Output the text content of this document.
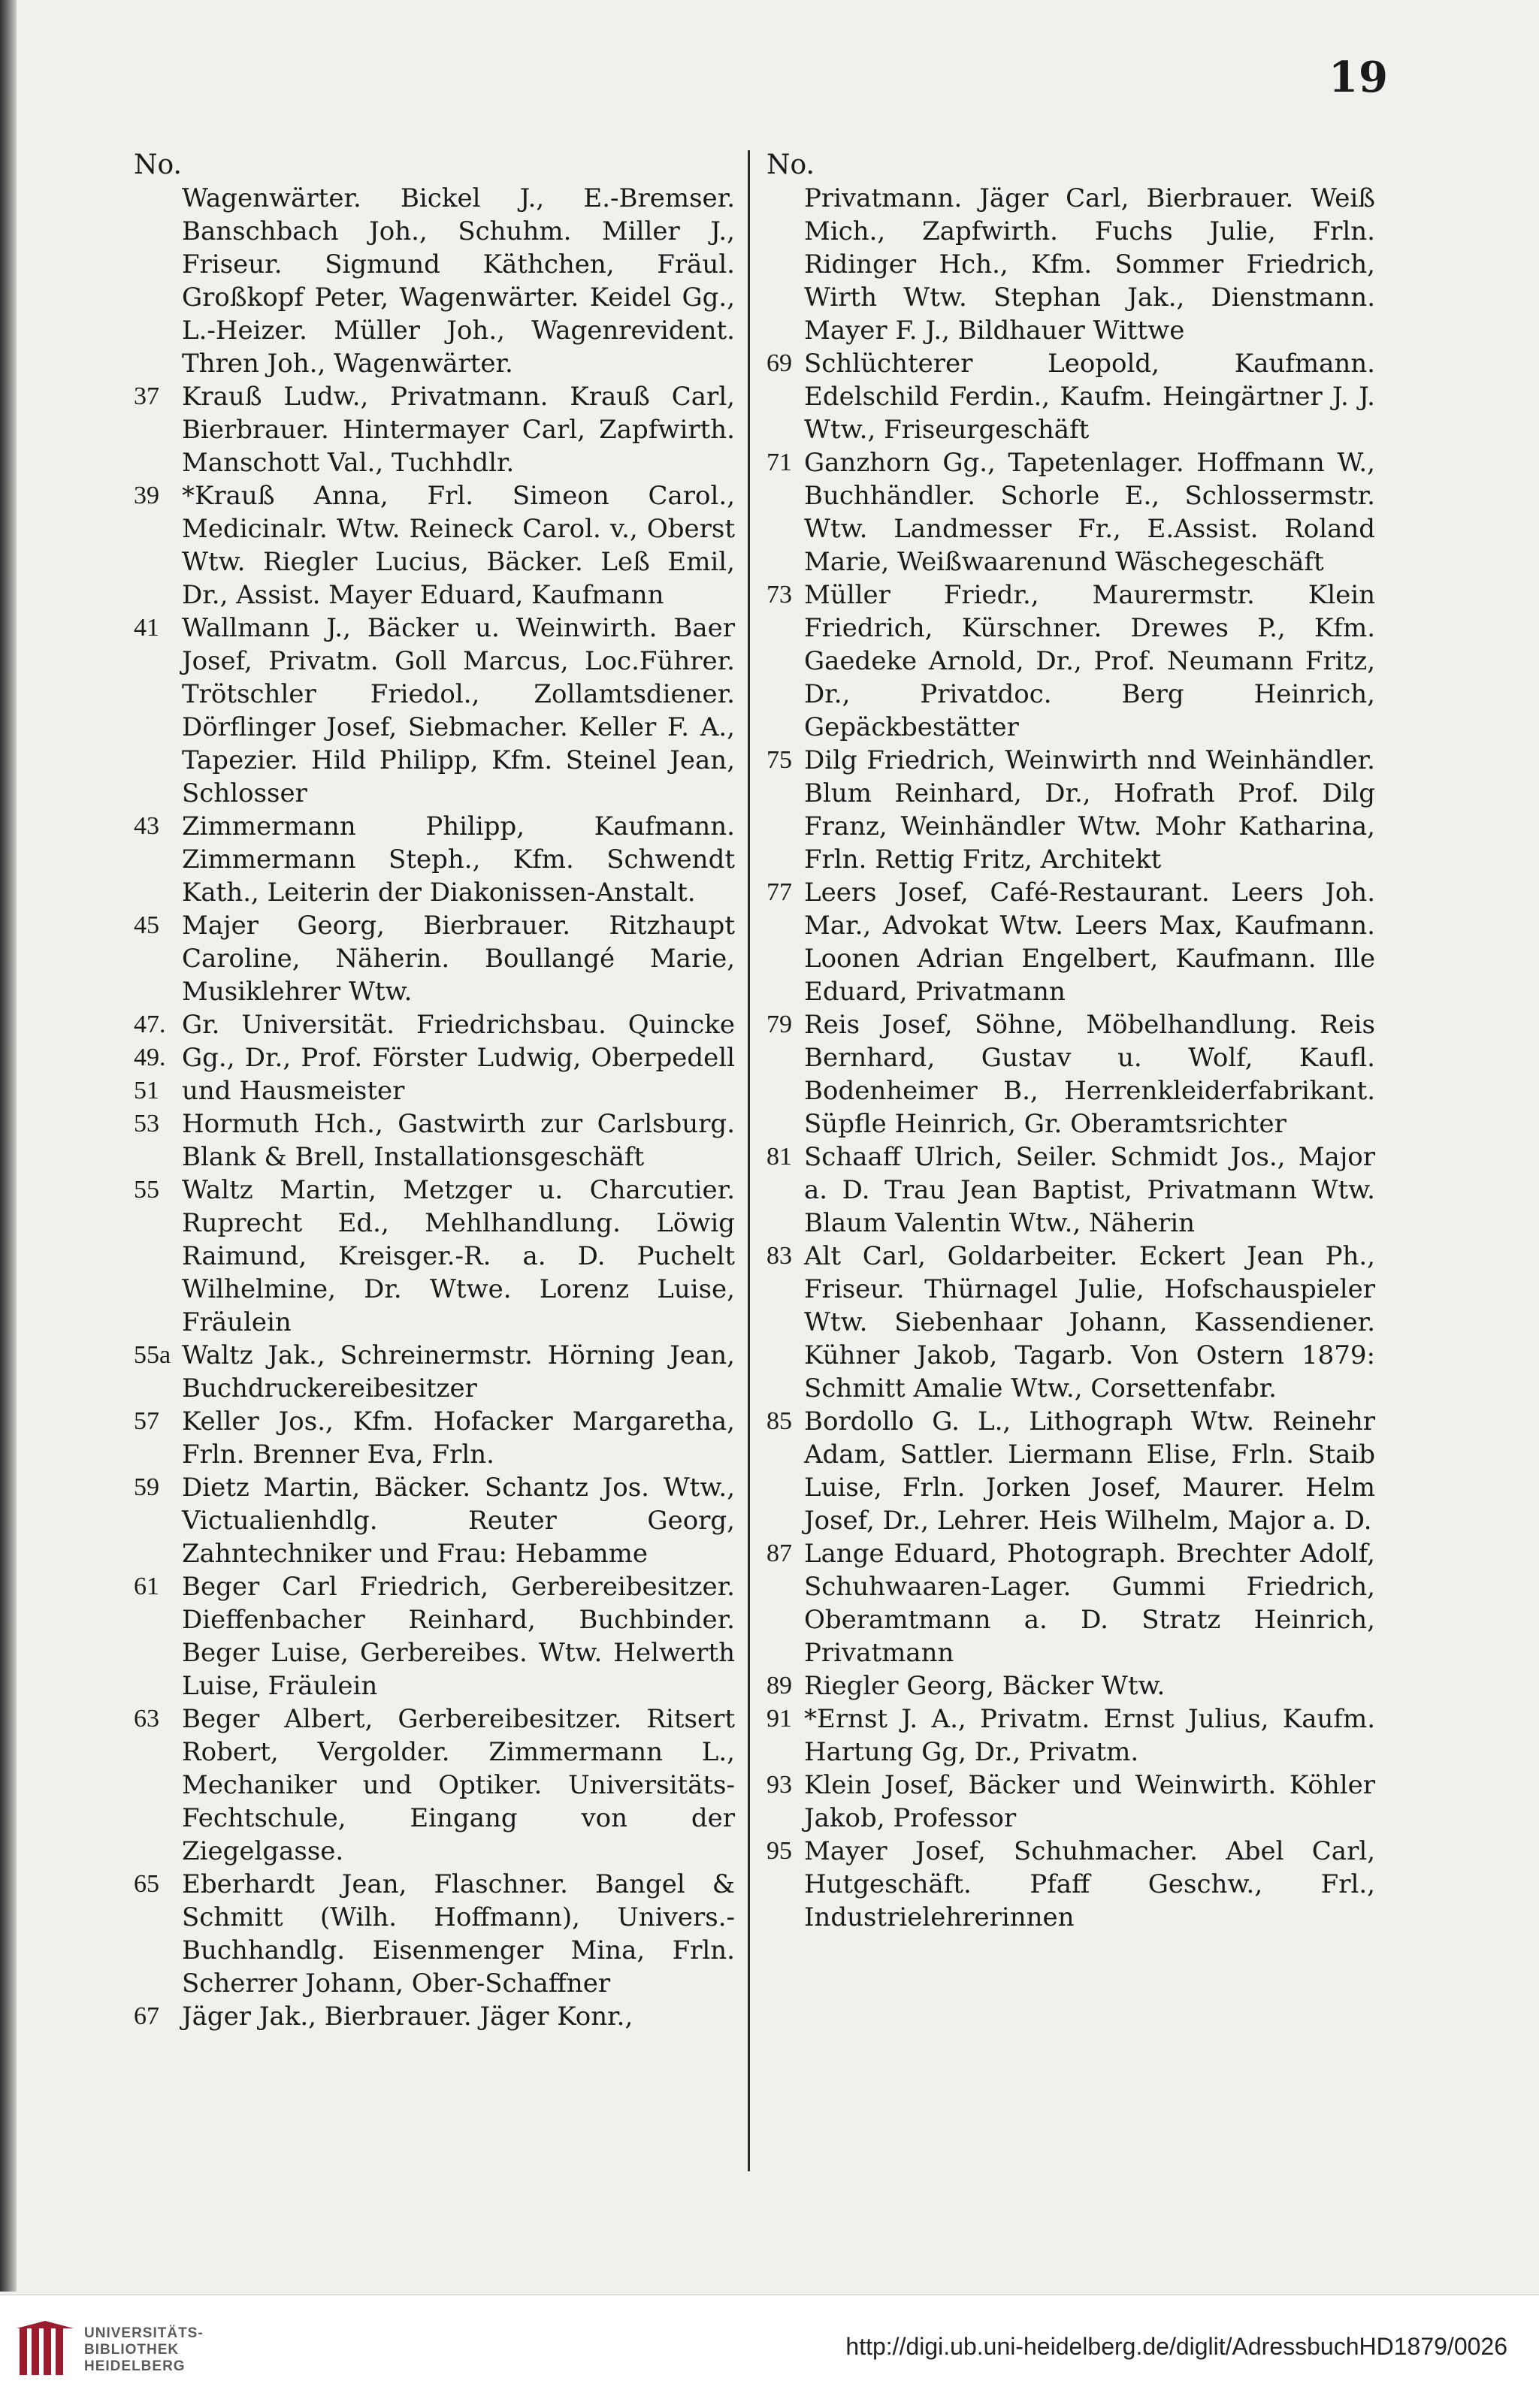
19
No.
Wagenwärter. Bickel J., E.-Bremser. Banschbach Joh., Schuhm. Miller J., Friseur. Sigmund Käthchen, Fräul. Großkopf Peter, Wagenwärter. Keidel Gg., L.-Heizer. Müller Joh., Wagenrevident. Thren Joh., Wagenwärter.
37 Krauß Ludw., Privatmann. Krauß Carl, Bierbrauer. Hintermayer Carl, Zapfwirth. Manschott Val., Tuchhdlr.
39 *Krauß Anna, Frl. Simeon Carol., Medicinalr. Wtw. Reineck Carol. v., Oberst Wtw. Riegler Lucius, Bäcker. Leß Emil, Dr., Assist. Mayer Eduard, Kaufmann
41 Wallmann J., Bäcker u. Weinwirth. Baer Josef, Privatm. Goll Marcus, Loc.Führer. Trötschler Friedol., Zollamtsdiener. Dörflinger Josef, Siebmacher. Keller F. A., Tapezier. Hild Philipp, Kfm. Steinel Jean, Schlosser
43 Zimmermann Philipp, Kaufmann. Zimmermann Steph., Kfm. Schwendt Kath., Leiterin der Diakonissen-Anstalt.
45 Majer Georg, Bierbrauer. Ritzhaupt Caroline, Näherin. Boullangé Marie, Musiklehrer Wtw.
47. 49. 51
Gr. Universität. Friedrichsbau. Quincke Gg., Dr., Prof. Förster Ludwig, Oberpedell und Hausmeister
53 Hormuth Hch., Gastwirth zur Carlsburg. Blank & Brell, Installationsgeschäft
55 Waltz Martin, Metzger u. Charcutier. Ruprecht Ed., Mehlhandlung. Löwig Raimund, Kreisger.-R. a. D. Puchelt Wilhelmine, Dr. Wtwe. Lorenz Luise, Fräulein
55a Waltz Jak., Schreinermstr. Hörning Jean, Buchdruckereibesitzer
57 Keller Jos., Kfm. Hofacker Margaretha, Frln. Brenner Eva, Frln.
59 Dietz Martin, Bäcker. Schantz Jos. Wtw., Victualienhdlg. Reuter Georg, Zahntechniker und Frau: Hebamme
61 Beger Carl Friedrich, Gerbereibesitzer. Dieffenbacher Reinhard, Buchbinder. Beger Luise, Gerbereibes. Wtw. Helwerth Luise, Fräulein
63 Beger Albert, Gerbereibesitzer. Ritsert Robert, Vergolder. Zimmermann L., Mechaniker und Optiker. Universitäts-Fechtschule, Eingang von der Ziegelgasse.
65 Eberhardt Jean, Flaschner. Bangel & Schmitt (Wilh. Hoffmann), Univers.-Buchhandlg. Eisenmenger Mina, Frln. Scherrer Johann, Ober-Schaffner
67 Jäger Jak., Bierbrauer. Jäger Konr.,
No.
Privatmann. Jäger Carl, Bierbrauer. Weiß Mich., Zapfwirth. Fuchs Julie, Frln. Ridinger Hch., Kfm. Sommer Friedrich, Wirth Wtw. Stephan Jak., Dienstmann. Mayer F. J., Bildhauer Wittwe
69 Schlüchterer Leopold, Kaufmann. Edelschild Ferdin., Kaufm. Heingärtner J. J. Wtw., Friseurgeschäft
71 Ganzhorn Gg., Tapetenlager. Hoffmann W., Buchhändler. Schorle E., Schlossermstr. Wtw. Landmesser Fr., E.Assist. Roland Marie, Weißwaarenund Wäschegeschäft
73 Müller Friedr., Maurermstr. Klein Friedrich, Kürschner. Drewes P., Kfm. Gaedeke Arnold, Dr., Prof. Neumann Fritz, Dr., Privatdoc. Berg Heinrich, Gepäckbestätter
75 Dilg Friedrich, Weinwirth nnd Weinhändler. Blum Reinhard, Dr., Hofrath Prof. Dilg Franz, Weinhändler Wtw. Mohr Katharina, Frln. Rettig Fritz, Architekt
77 Leers Josef, Café-Restaurant. Leers Joh. Mar., Advokat Wtw. Leers Max, Kaufmann. Loonen Adrian Engelbert, Kaufmann. Ille Eduard, Privatmann
79 Reis Josef, Söhne, Möbelhandlung. Reis Bernhard, Gustav u. Wolf, Kaufl. Bodenheimer B., Herrenkleiderfabrikant. Süpfle Heinrich, Gr. Oberamtsrichter
81 Schaaff Ulrich, Seiler. Schmidt Jos., Major a. D. Trau Jean Baptist, Privatmann Wtw. Blaum Valentin Wtw., Näherin
83 Alt Carl, Goldarbeiter. Eckert Jean Ph., Friseur. Thürnagel Julie, Hofschauspieler Wtw. Siebenhaar Johann, Kassendiener. Kühner Jakob, Tagarb. Von Ostern 1879: Schmitt Amalie Wtw., Corsettenfabr.
85 Bordollo G. L., Lithograph Wtw. Reinehr Adam, Sattler. Liermann Elise, Frln. Staib Luise, Frln. Jorken Josef, Maurer. Helm Josef, Dr., Lehrer. Heis Wilhelm, Major a. D.
87 Lange Eduard, Photograph. Brechter Adolf, Schuhwaaren-Lager. Gummi Friedrich, Oberamtmann a. D. Stratz Heinrich, Privatmann
89 Riegler Georg, Bäcker Wtw.
91 *Ernst J. A., Privatm. Ernst Julius, Kaufm. Hartung Gg, Dr., Privatm.
93 Klein Josef, Bäcker und Weinwirth. Köhler Jakob, Professor
95 Mayer Josef, Schuhmacher. Abel Carl, Hutgeschäft. Pfaff Geschw., Frl., Industrielehrerinnen
UNIVERSITÄTS-
BIBLIOTHEK
HEIDELBERG
http://digi.ub.uni-heidelberg.de/diglit/AdressbuchHD1879/0026
